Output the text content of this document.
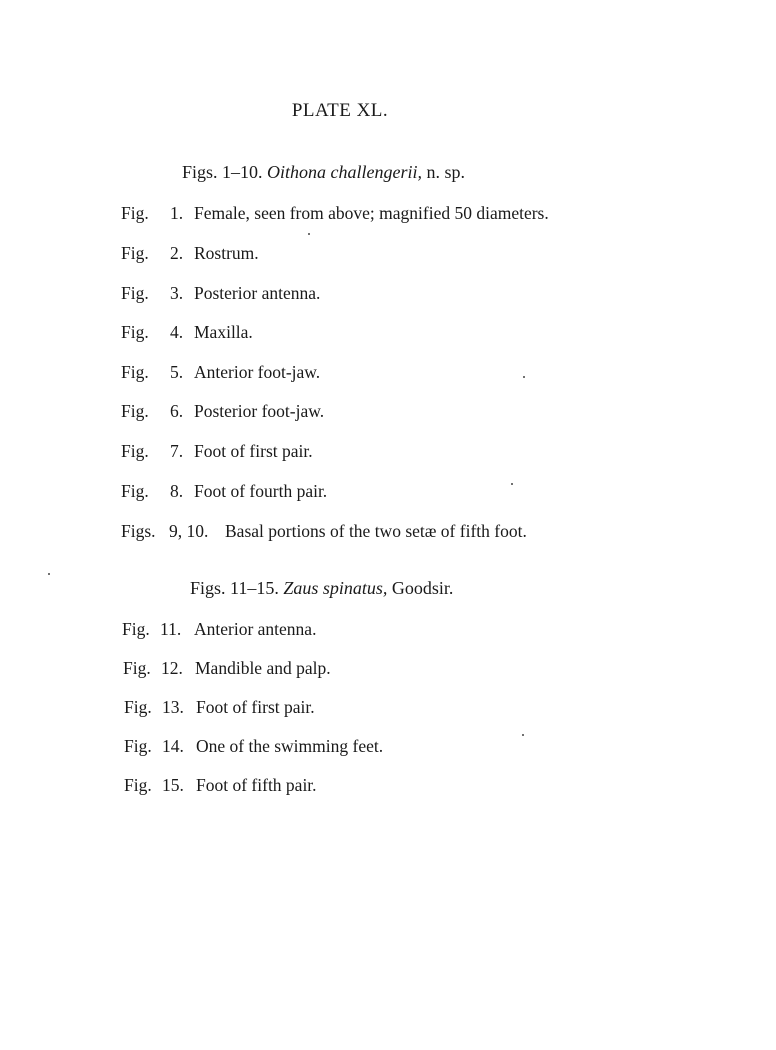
PLATE XL.
Figs. 1–10. Oithona challengerii, n. sp.
Fig. 1. Female, seen from above; magnified 50 diameters.
Fig. 2. Rostrum.
Fig. 3. Posterior antenna.
Fig. 4. Maxilla.
Fig. 5. Anterior foot-jaw.
Fig. 6. Posterior foot-jaw.
Fig. 7. Foot of first pair.
Fig. 8. Foot of fourth pair.
Figs. 9, 10. Basal portions of the two setæ of fifth foot.
Figs. 11–15. Zaus spinatus, Goodsir.
Fig. 11. Anterior antenna.
Fig. 12. Mandible and palp.
Fig. 13. Foot of first pair.
Fig. 14. One of the swimming feet.
Fig. 15. Foot of fifth pair.
